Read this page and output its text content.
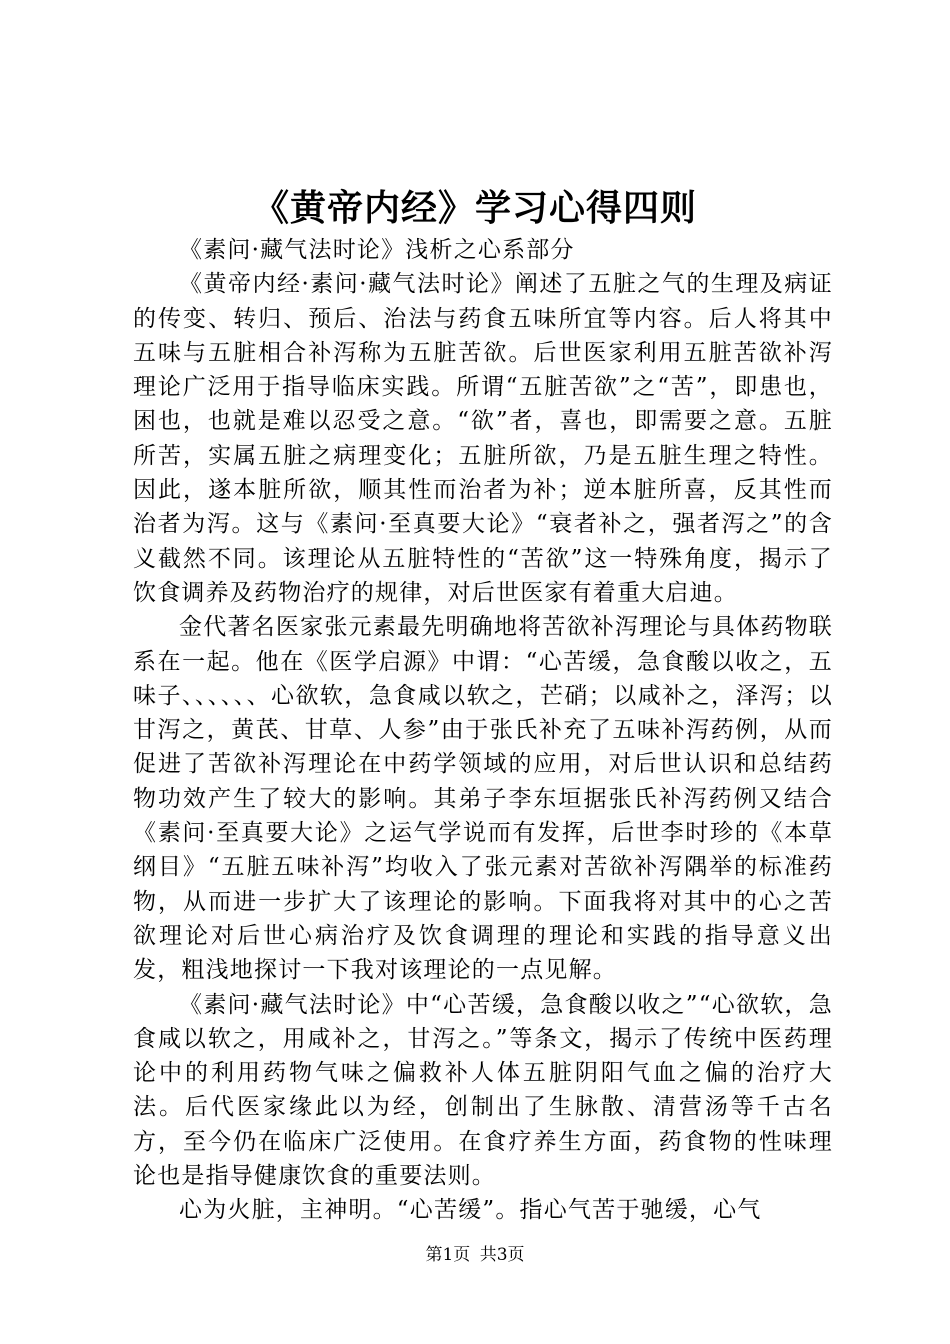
《黄帝内经》学习心得四则

《素问·藏气法时论》浅析之心系部分

《黄帝内经·素问·藏气法时论》阐述了五脏之气的生理及病证的传变、转归、预后、治法与药食五味所宜等内容。后人将其中五味与五脏相合补泻称为五脏苦欲。后世医家利用五脏苦欲补泻理论广泛用于指导临床实践。所谓“五脏苦欲”之“苦”，即患也，困也，也就是难以忍受之意。“欲”者，喜也，即需要之意。五脏所苦，实属五脏之病理变化；五脏所欲，乃是五脏生理之特性。因此，遂本脏所欲，顺其性而治者为补；逆本脏所喜，反其性而治者为泻。这与《素问·至真要大论》“衰者补之，强者泻之”的含义截然不同。该理论从五脏特性的“苦欲”这一特殊角度，揭示了饮食调养及药物治疗的规律，对后世医家有着重大启迪。

金代著名医家张元素最先明确地将苦欲补泻理论与具体药物联系在一起。他在《医学启源》中谓：“心苦缓，急食酸以收之，五味子、、、、、、心欲软，急食咸以软之，芒硝；以咸补之，泽泻；以甘泻之，黄芪、甘草、人参”由于张氏补充了五味补泻药例，从而促进了苦欲补泻理论在中药学领域的应用，对后世认识和总结药物功效产生了较大的影响。其弟子李东垣据张氏补泻药例又结合《素问·至真要大论》之运气学说而有发挥，后世李时珍的《本草纲目》“五脏五味补泻”均收入了张元素对苦欲补泻隅举的标准药物，从而进一步扩大了该理论的影响。下面我将对其中的心之苦欲理论对后世心病治疗及饮食调理的理论和实践的指导意义出发，粗浅地探讨一下我对该理论的一点见解。

《素问·藏气法时论》中“心苦缓，急食酸以收之”“心欲软，急食咸以软之，用咸补之，甘泻之。”等条文，揭示了传统中医药理论中的利用药物气味之偏救补人体五脏阴阳气血之偏的治疗大法。后代医家缘此以为经，创制出了生脉散、清营汤等千古名方，至今仍在临床广泛使用。在食疗养生方面，药食物的性味理论也是指导健康饮食的重要法则。

心为火脏，主神明。“心苦缓”。指心气苦于驰缓，心气

第1页 共3页
